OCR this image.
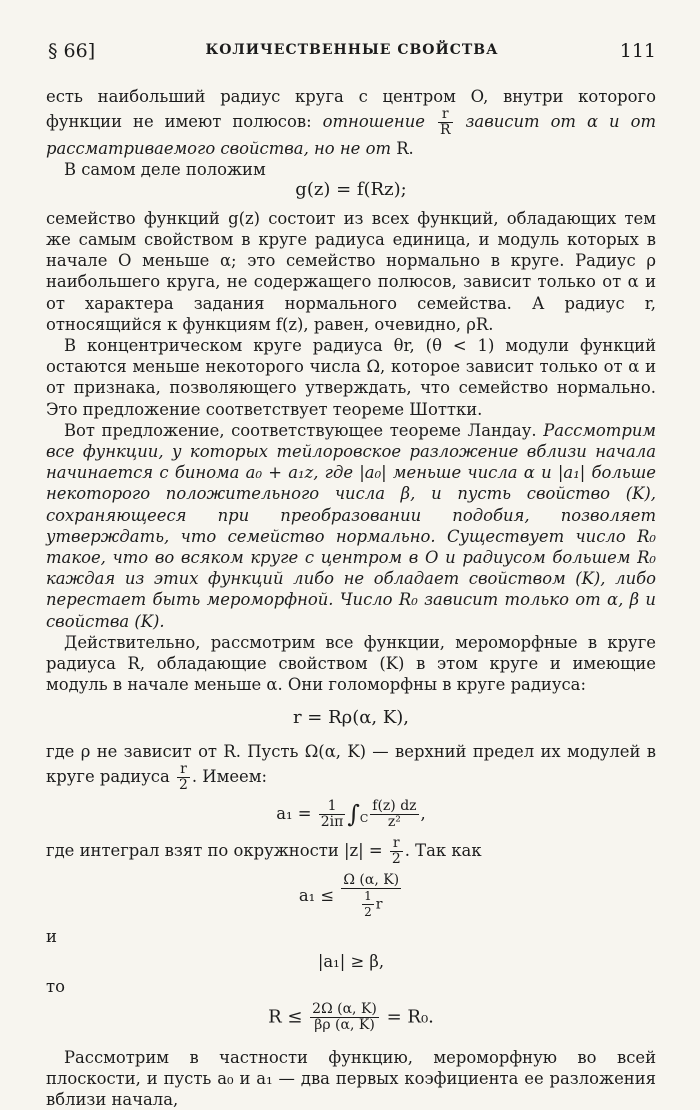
§ 66]	КОЛИЧЕСТВЕННЫЕ СВОЙСТВА	111

есть наибольший радиус круга с центром O, внутри которого функции не имеют полюсов: отношение $\frac{r}{R}$ зависит от α и от рассматриваемого свойства, но не от R.

В самом деле положим

g(z) = f(Rz);

семейство функций g(z) состоит из всех функций, обладающих тем же самым свойством в круге радиуса единица, и модуль которых в начале O меньше α; это семейство нормально в круге. Радиус ρ наибольшего круга, не содержащего полюсов, зависит только от α и от характера задания нормального семейства. А радиус r, относящийся к функциям f(z), равен, очевидно, ρR.

В концентрическом круге радиуса θr, (θ < 1) модули функций остаются меньше некоторого числа Ω, которое зависит только от α и от признака, позволяющего утверждать, что семейство нормально. Это предложение соответствует теореме Шоттки.

Вот предложение, соответствующее теореме Ландау. Рассмотрим все функции, у которых тейлоровское разложение вблизи начала начинается с бинома a₀ + a₁z, где |a₀| меньше числа α и |a₁| больше некоторого положительного числа β, и пусть свойство (K), сохраняющееся при преобразовании подобия, позволяет утверждать, что семейство нормально. Существует число R₀ такое, что во всяком круге с центром в O и радиусом большем R₀ каждая из этих функций либо не обладает свойством (K), либо перестает быть мероморфной. Число R₀ зависит только от α, β и свойства (K).

Действительно, рассмотрим все функции, мероморфные в круге радиуса R, обладающие свойством (K) в этом круге и имеющие модуль в начале меньше α. Они голоморфны в круге радиуса:

r = Rρ(α, K),

где ρ не зависит от R. Пусть Ω(α, K) — верхний предел их модулей в круге радиуса $\frac{r}{2}$ . Имеем:

$a_1 = \frac{1}{2i\pi} \int_C \frac{f(z) dz}{\text{z²}}$ ,

где интеграл взят по окружности $|z| = \frac{r}{2}$ . Так как

$a_1 \le \frac{\Omega (\alpha, K)}{\frac{1}{2} r}$

и

|a₁| ≥ β,

то

$R \le \frac{2\Omega (\alpha, K)}{\beta\rho (\alpha, K)} = R_0$.

Рассмотрим в частности функцию, мероморфную во всей плоскости, и пусть a₀ и a₁ — два первых коэфициента ее разложения вблизи начала,
